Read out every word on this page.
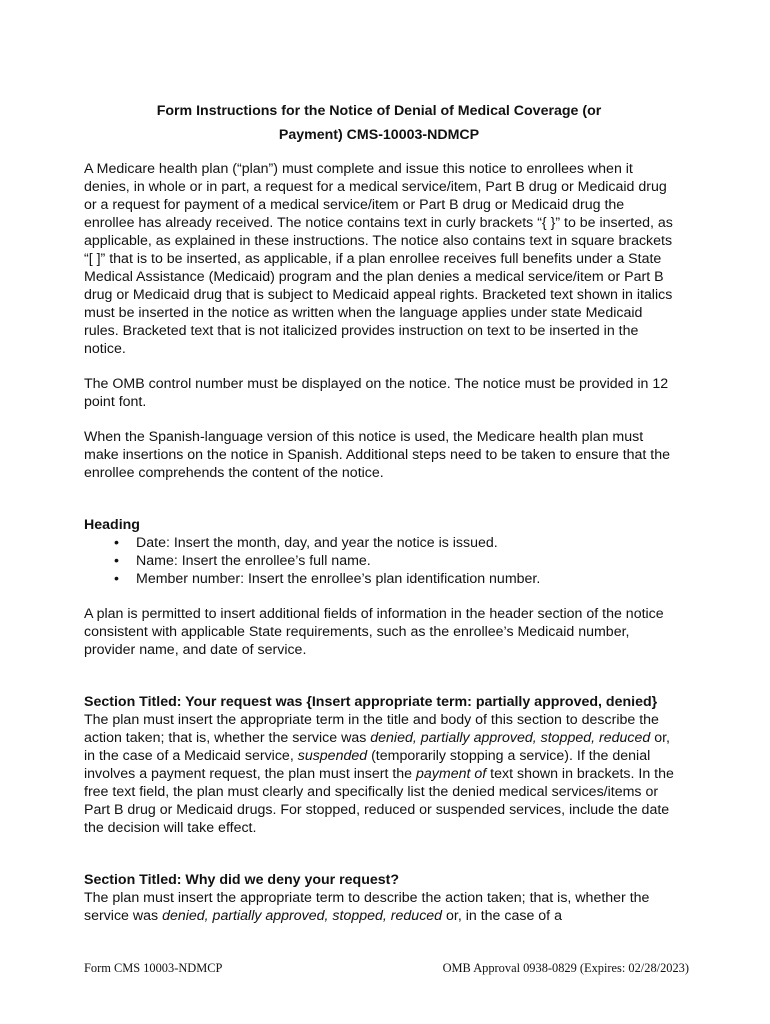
Form Instructions for the Notice of Denial of Medical Coverage (or
Payment) CMS-10003-NDMCP

A Medicare health plan (“plan”) must complete and issue this notice to enrollees when it denies, in whole or in part, a request for a medical service/item, Part B drug or Medicaid drug or a request for payment of a medical service/item or Part B drug or Medicaid drug the enrollee has already received. The notice contains text in curly brackets “{ }” to be inserted, as applicable, as explained in these instructions. The notice also contains text in square brackets “[ ]” that is to be inserted, as applicable, if a plan enrollee receives full benefits under a State Medical Assistance (Medicaid) program and the plan denies a medical service/item or Part B drug or Medicaid drug that is subject to Medicaid appeal rights. Bracketed text shown in italics must be inserted in the notice as written when the language applies under state Medicaid rules. Bracketed text that is not italicized provides instruction on text to be inserted in the notice.

The OMB control number must be displayed on the notice. The notice must be provided in 12 point font.

When the Spanish-language version of this notice is used, the Medicare health plan must make insertions on the notice in Spanish. Additional steps need to be taken to ensure that the enrollee comprehends the content of the notice.

Heading
• Date: Insert the month, day, and year the notice is issued.
• Name: Insert the enrollee’s full name.
• Member number: Insert the enrollee’s plan identification number.

A plan is permitted to insert additional fields of information in the header section of the notice consistent with applicable State requirements, such as the enrollee’s Medicaid number, provider name, and date of service.

Section Titled: Your request was {Insert appropriate term: partially approved, denied}

The plan must insert the appropriate term in the title and body of this section to describe the action taken; that is, whether the service was denied, partially approved, stopped, reduced or, in the case of a Medicaid service, suspended (temporarily stopping a service). If the denial involves a payment request, the plan must insert the payment of text shown in brackets. In the free text field, the plan must clearly and specifically list the denied medical services/items or Part B drug or Medicaid drugs. For stopped, reduced or suspended services, include the date the decision will take effect.

Section Titled: Why did we deny your request?

The plan must insert the appropriate term to describe the action taken; that is, whether the service was denied, partially approved, stopped, reduced or, in the case of a

Form CMS 10003-NDMCP	OMB Approval 0938-0829 (Expires: 02/28/2023)
